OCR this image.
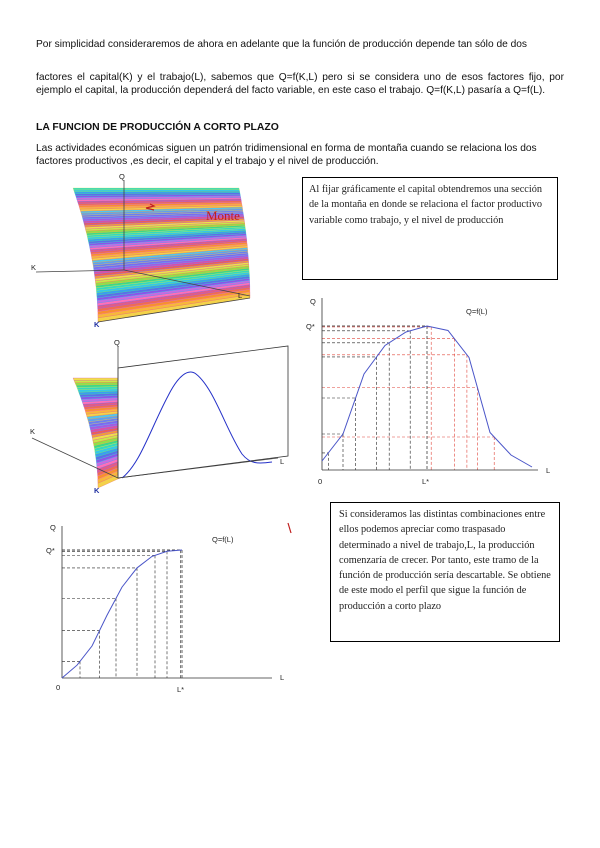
Por simplicidad consideraremos de ahora en adelante que la función de producción depende tan sólo de dos

factores el capital(K) y el trabajo(L), sabemos que Q=f(K,L) pero si se considera uno de esos factores fijo, por ejemplo el capital, la producción dependerá del facto variable, en este caso el trabajo. Q=f(K,L) pasaría a Q=f(L).

LA FUNCION DE PRODUCCIÓN A CORTO PLAZO

Las actividades económicas siguen un patrón tridimensional en forma de montaña cuando se relaciona los dos factores productivos ,es decir, el capital y el trabajo y el nivel de producción.

Al fijar gráficamente el capital obtendremos una sección de la montaña en donde se relaciona el factor productivo variable como trabajo, y el nivel de producción
Si consideramos las distintas combinaciones entre ellos podemos apreciar como traspasado determinado a nivel de trabajo,L, la producción comenzaría de crecer. Por tanto, este tramo de la función de producción sería descartable. Se obtiene de este modo el perfil que sigue la función de producción a corto plazo
Q
K
L
K
Monte
Q
K
L
K
Q
L
0
Q*
L*
Q=f(L)
Q
L
0
Q*
L*
Q=f(L)
